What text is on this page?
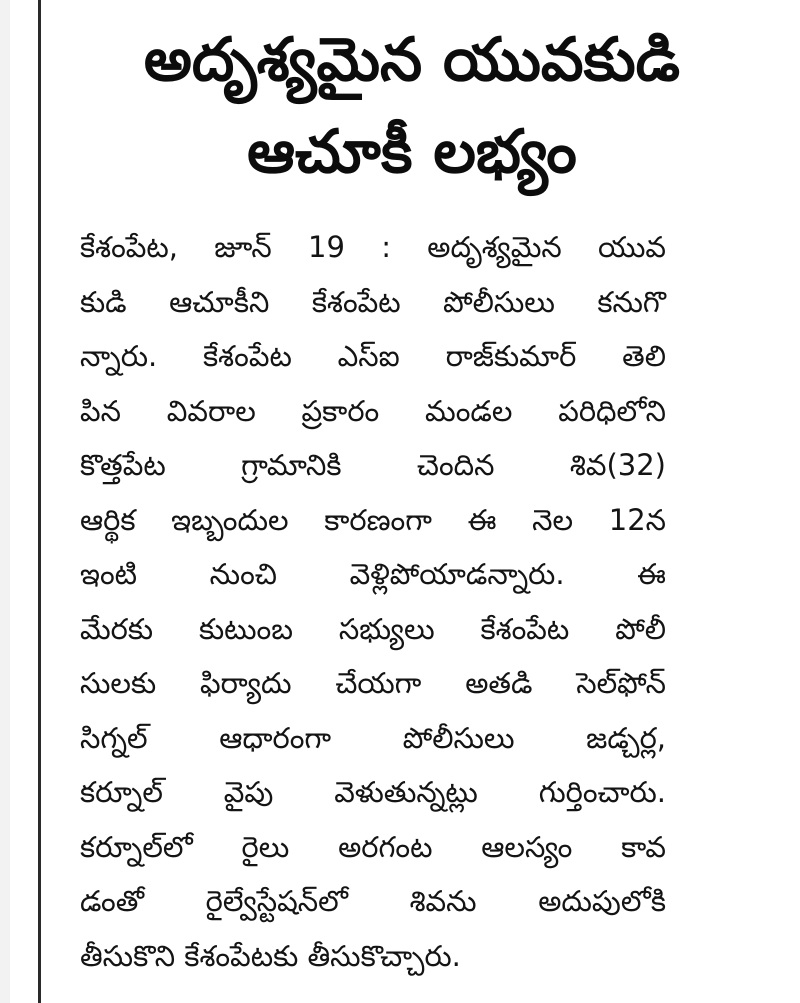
అదృశ్యమైన యువకుడి
ఆచూకీ లభ్యం
కేశంపేట, జూన్ 19 : అదృశ్యమైన యువ
కుడి ఆచూకీని కేశంపేట పోలీసులు కనుగొ
న్నారు. కేశంపేట ఎస్ఐ రాజ్‌కుమార్ తెలి
పిన వివరాల ప్రకారం మండల పరిధిలోని
కొత్తపేట గ్రామానికి చెందిన శివ(32)
ఆర్థిక ఇబ్బందుల కారణంగా ఈ నెల 12న
ఇంటి నుంచి వెళ్లిపోయాడన్నారు. ఈ
మేరకు కుటుంబ సభ్యులు కేశంపేట పోలీ
సులకు ఫిర్యాదు చేయగా అతడి సెల్‌ఫోన్
సిగ్నల్ ఆధారంగా పోలీసులు జడ్చర్ల,
కర్నూల్ వైపు వెళుతున్నట్లు గుర్తించారు.
కర్నూల్‌లో రైలు అరగంట ఆలస్యం కావ
డంతో రైల్వేస్టేషన్‌లో శివను అదుపులోకి
తీసుకొని కేశంపేటకు తీసుకొచ్చారు.
